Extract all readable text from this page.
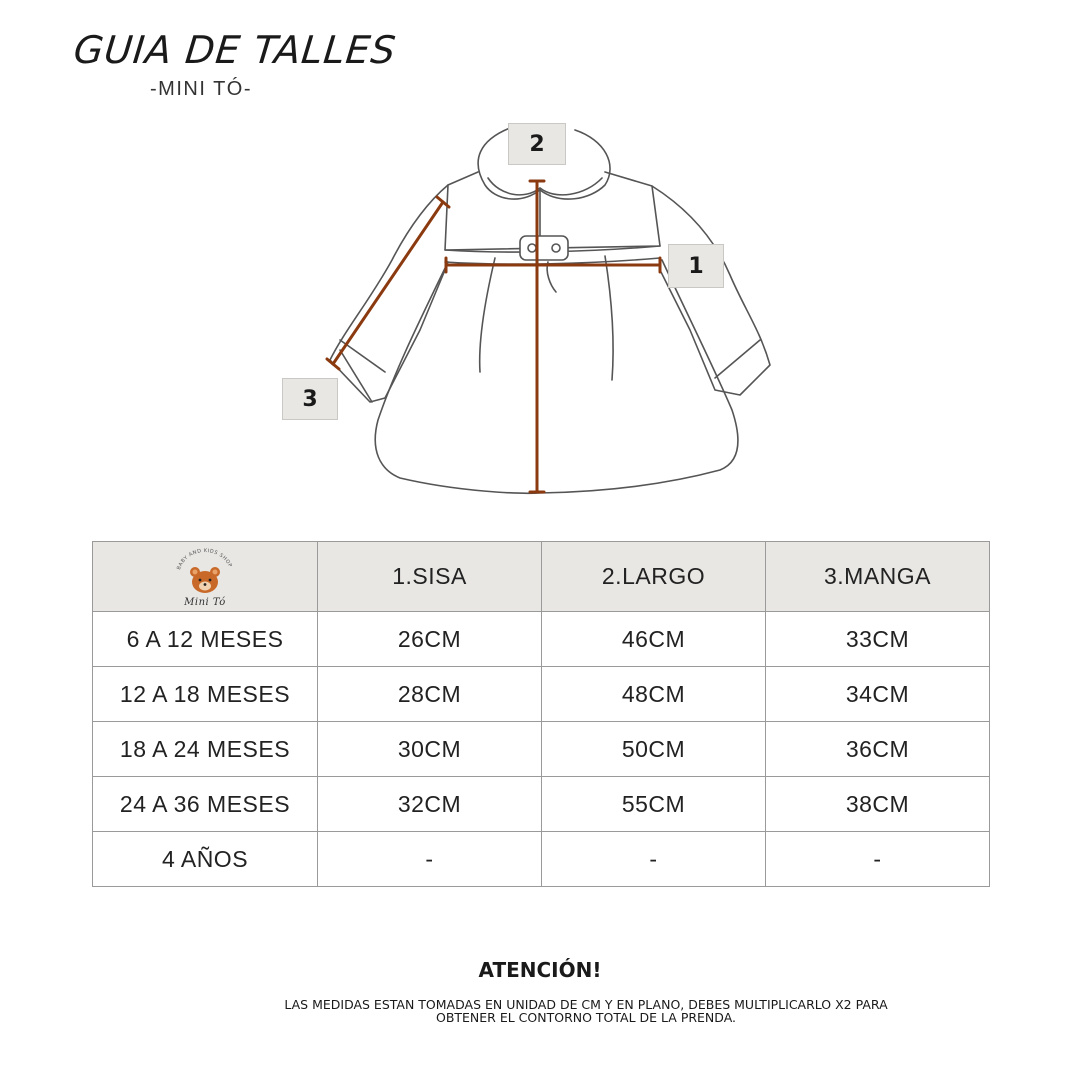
GUIA DE TALLES
-MINI TÓ-
2
1
3
BABY AND KIDS SHOP
Mini Tó	1.SISA	2.LARGO	3.MANGA
6 A 12 MESES	26CM	46CM	33CM
12 A 18 MESES	28CM	48CM	34CM
18 A 24 MESES	30CM	50CM	36CM
24 A 36 MESES	32CM	55CM	38CM
4 AÑOS	-	-	-
ATENCIÓN!
LAS MEDIDAS ESTAN TOMADAS EN UNIDAD DE CM Y EN PLANO, DEBES MULTIPLICARLO X2 PARA
OBTENER EL CONTORNO TOTAL DE LA PRENDA.
